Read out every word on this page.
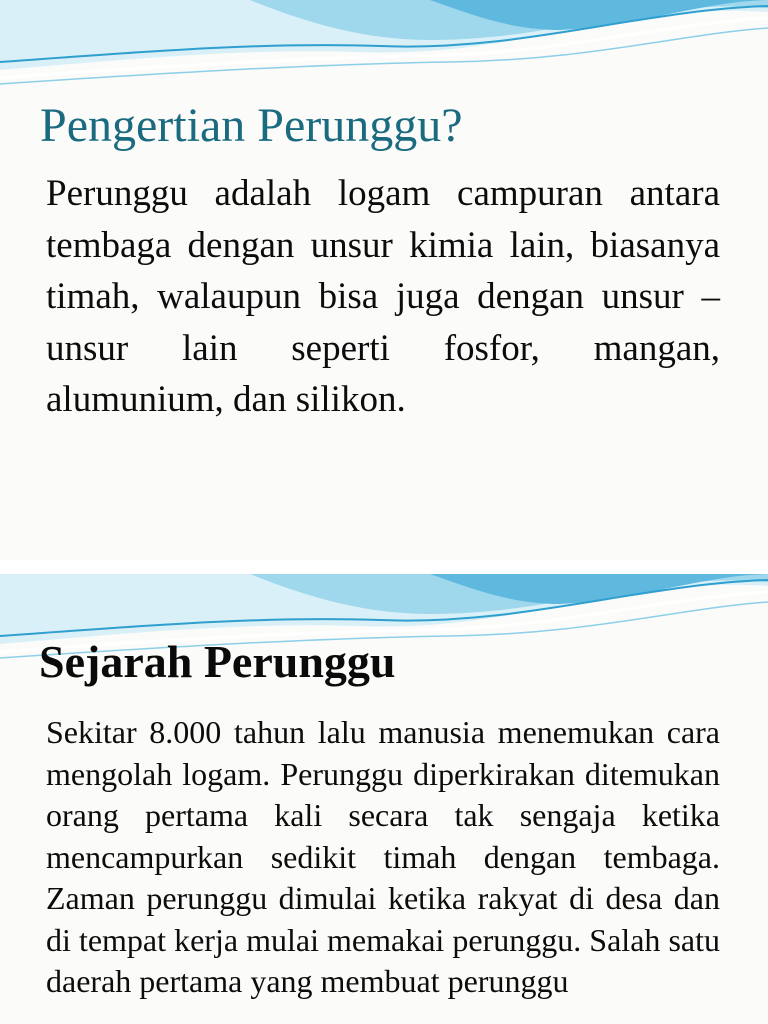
Pengertian Perunggu?

Perunggu adalah logam campuran antara tembaga dengan unsur kimia lain, biasanya timah, walaupun bisa juga dengan unsur – unsur lain seperti fosfor, mangan, alumunium, dan silikon.

Sejarah Perunggu

Sekitar 8.000 tahun lalu manusia menemukan cara mengolah logam. Perunggu diperkirakan ditemukan orang pertama kali secara tak sengaja ketika mencampurkan sedikit timah dengan tembaga. Zaman perunggu dimulai ketika rakyat di desa dan di tempat kerja mulai memakai perunggu. Salah satu daerah pertama yang membuat perunggu
